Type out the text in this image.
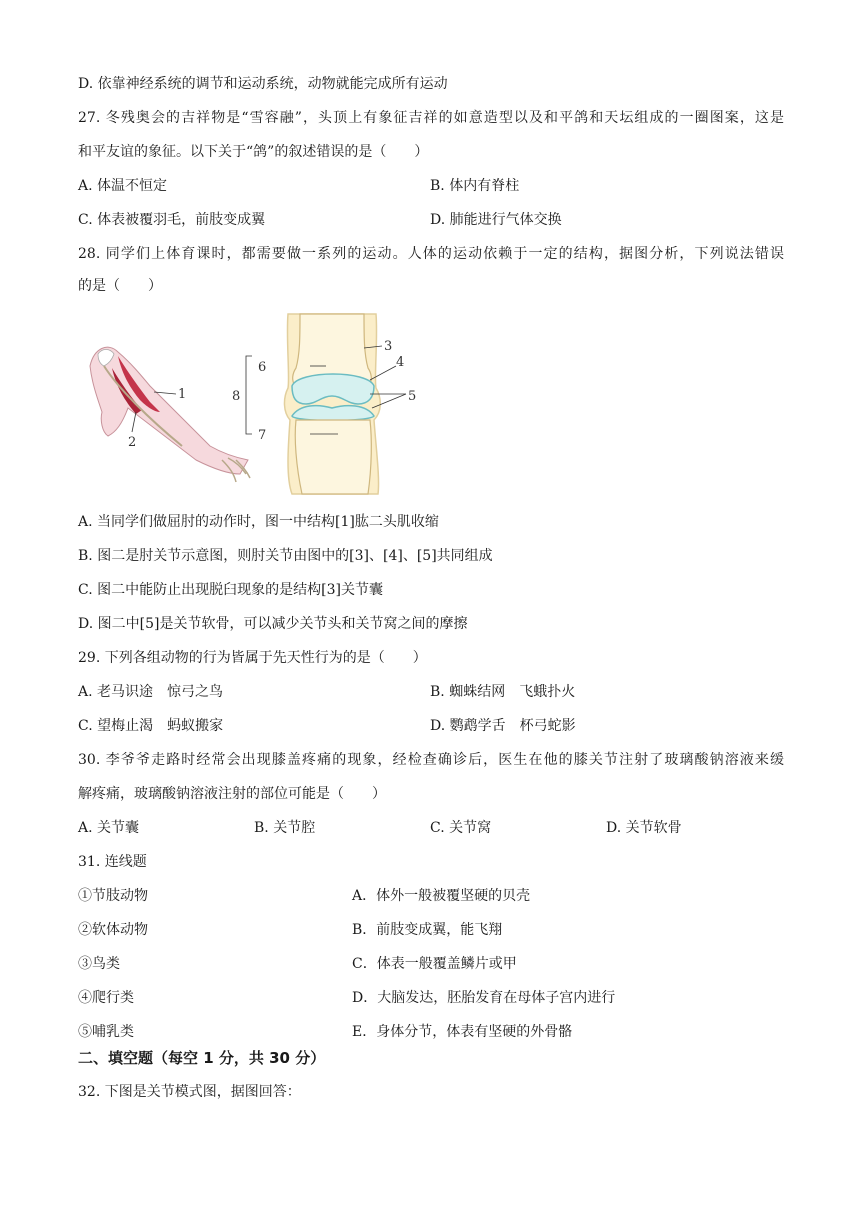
D. 依靠神经系统的调节和运动系统，动物就能完成所有运动
27. 冬残奥会的吉祥物是“雪容融”，头顶上有象征吉祥的如意造型以及和平鸽和天坛组成的一圈图案，这是
和平友谊的象征。以下关于“鸽”的叙述错误的是（　　）
A. 体温不恒定	B. 体内有脊柱
C. 体表被覆羽毛，前肢变成翼	D. 肺能进行气体交换
28. 同学们上体育课时，都需要做一系列的运动。人体的运动依赖于一定的结构，据图分析，下列说法错误
的是（　　）
1
2
3
4
5
6
7
8
A. 当同学们做屈肘的动作时，图一中结构[1]肱二头肌收缩
B. 图二是肘关节示意图，则肘关节由图中的[3]、[4]、[5]共同组成
C. 图二中能防止出现脱臼现象的是结构[3]关节囊
D. 图二中[5]是关节软骨，可以减少关节头和关节窝之间的摩擦
29. 下列各组动物的行为皆属于先天性行为的是（　　）
A. 老马识途　惊弓之鸟	B. 蜘蛛结网　飞蛾扑火
C. 望梅止渴　蚂蚁搬家	D. 鹦鹉学舌　杯弓蛇影
30. 李爷爷走路时经常会出现膝盖疼痛的现象，经检查确诊后，医生在他的膝关节注射了玻璃酸钠溶液来缓
解疼痛，玻璃酸钠溶液注射的部位可能是（　　）
A. 关节囊	B. 关节腔	C. 关节窝	D. 关节软骨
31. 连线题
①节肢动物	A．体外一般被覆坚硬的贝壳
②软体动物	B．前肢变成翼，能飞翔
③鸟类	C．体表一般覆盖鳞片或甲
④爬行类	D．大脑发达，胚胎发育在母体子宫内进行
⑤哺乳类	E．身体分节，体表有坚硬的外骨骼
二、填空题（每空 1 分，共 30 分）
32. 下图是关节模式图，据图回答：
